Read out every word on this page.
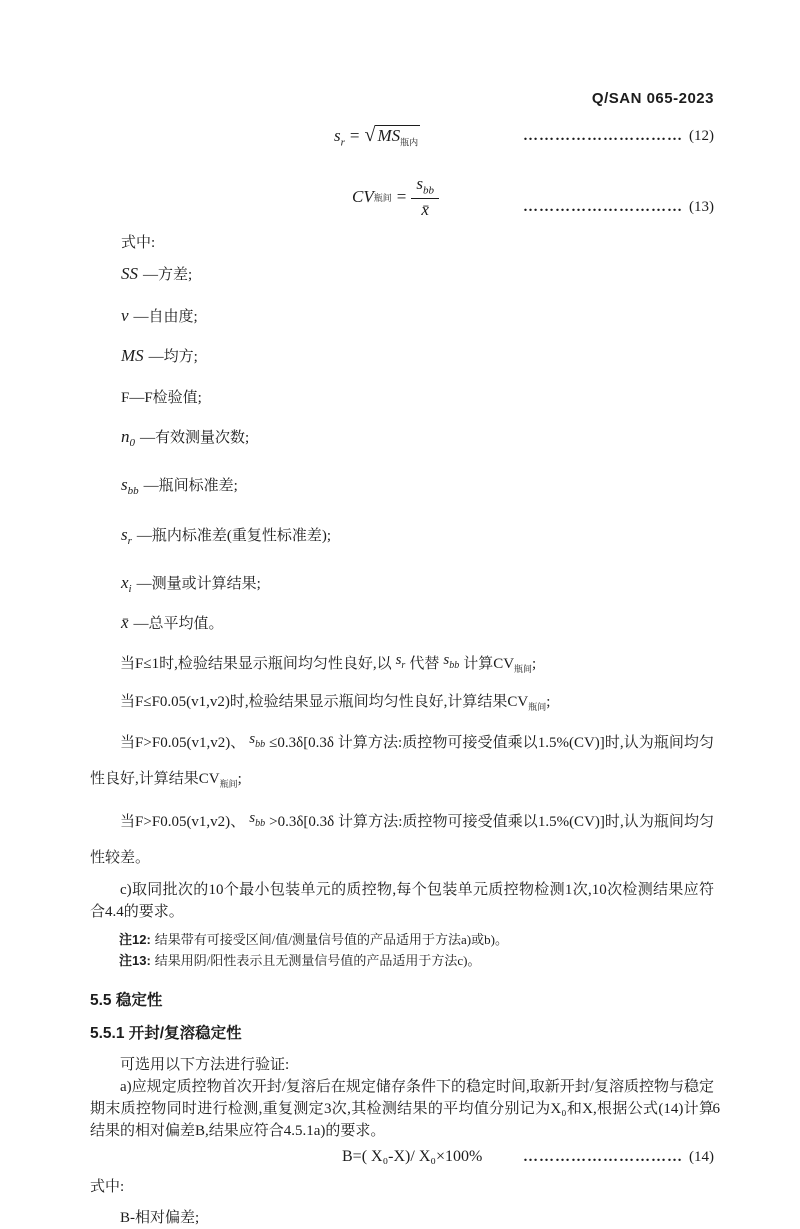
Q/SAN 065-2023
$s_r$ = √ $MS_{瓶内}$	………………………… (12)
CV 瓶间 = $\frac{s_{bb}}{x̄}$	………………………… (13)
式中:
SS —方差;
v —自由度;
MS —均方;
F—F检验值;
$n_0$ —有效测量次数;
$s_{bb}$ —瓶间标准差;
$s_r$ —瓶内标准差(重复性标准差);
$x_i$ —测量或计算结果;
x̄ —总平均值。
当F≤1时,检验结果显示瓶间均匀性良好,以 $s_r$ 代替 $s_{bb}$ 计算$CV_{瓶间}$;
当F≤F0.05(v1,v2)时,检验结果显示瓶间均匀性良好,计算结果$CV_{瓶间}$;
当F>F0.05(v1,v2)、 $s_{bb} \le 0.3\delta[0.3\delta$ 计算方法:质控物可接受值乘以1.5%(CV)]时,认为瓶间均匀性良好,计算结果$CV_{瓶间}$;
当F>F0.05(v1,v2)、 $s_{bb} >0.3\delta[0.3\delta$ 计算方法:质控物可接受值乘以1.5%(CV)]时,认为瓶间均匀性较差。
c)取同批次的10个最小包装单元的质控物,每个包装单元质控物检测1次,10次检测结果应符合4.4的要求。
注12: 结果带有可接受区间/值/测量信号值的产品适用于方法a)或b)。
注13: 结果用阴/阳性表示且无测量信号值的产品适用于方法c)。
5.5 稳定性
5.5.1 开封/复溶稳定性
可选用以下方法进行验证:
a)应规定质控物首次开封/复溶后在规定储存条件下的稳定时间,取新开封/复溶质控物与稳定期末质控物同时进行检测,重复测定3次,其检测结果的平均值分别记为X₀和X,根据公式(14)计算结果的相对偏差B,结果应符合4.5.1a)的要求。
B=( X₀-X)/ X₀×100%	………………………… (14)
式中:
B-相对偏差;
6
